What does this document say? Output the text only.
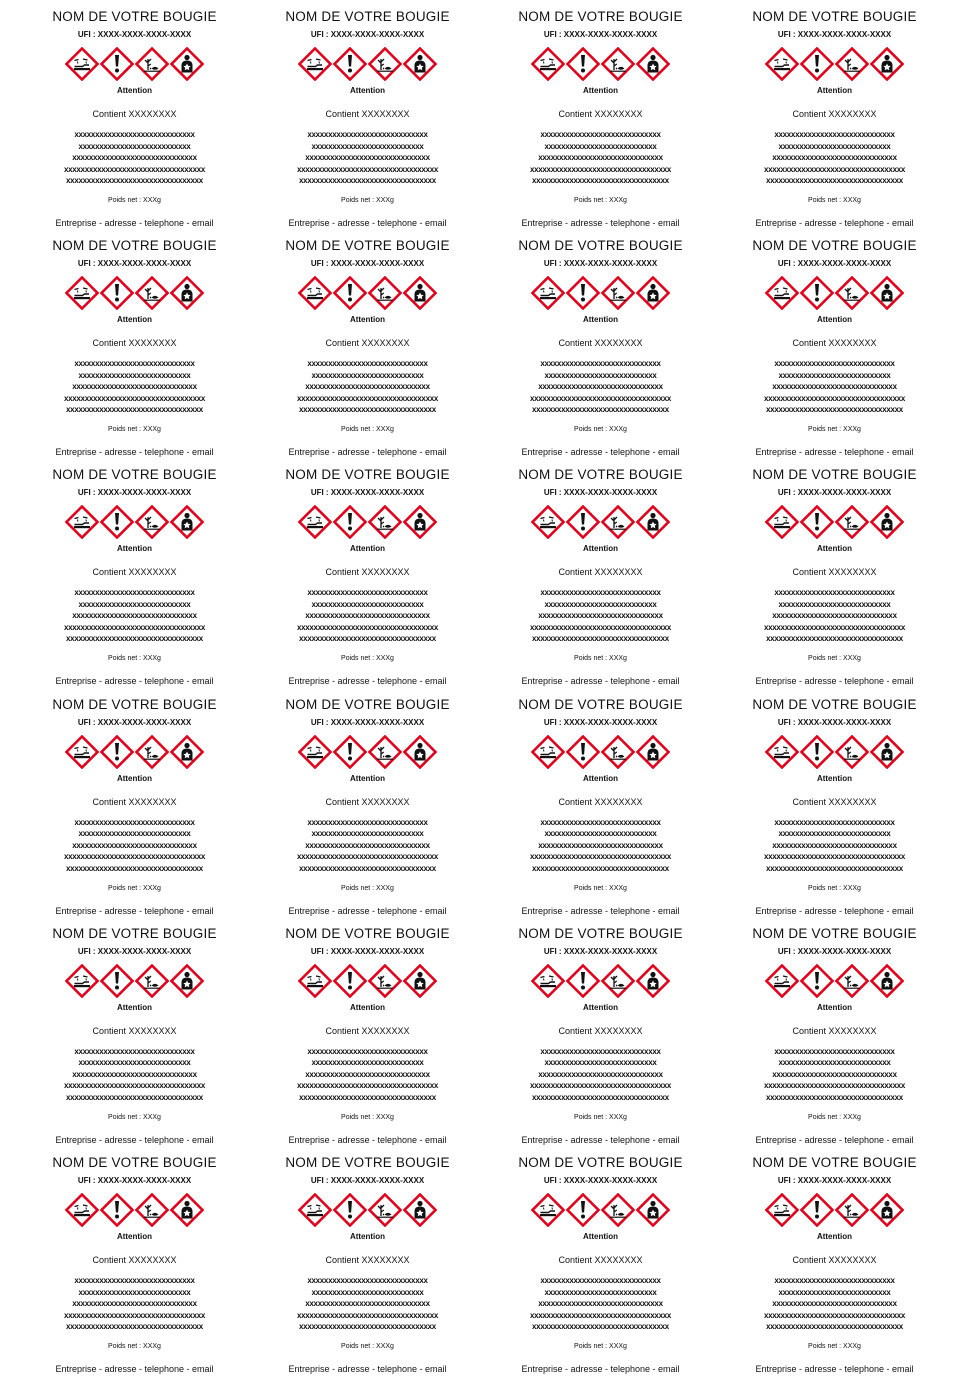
NOM DE VOTRE BOUGIE
UFI : XXXX-XXXX-XXXX-XXXX
Attention
Contient XXXXXXXX
xxxxxxxxxxxxxxxxxxxxxxxxxxxxx
xxxxxxxxxxxxxxxxxxxxxxxxxxx
xxxxxxxxxxxxxxxxxxxxxxxxxxxxxx
xxxxxxxxxxxxxxxxxxxxxxxxxxxxxxxxxx
xxxxxxxxxxxxxxxxxxxxxxxxxxxxxxxxx
Poids net : XXXg
Entreprise - adresse - telephone - email
NOM DE VOTRE BOUGIE
UFI : XXXX-XXXX-XXXX-XXXX
Attention
Contient XXXXXXXX
xxxxxxxxxxxxxxxxxxxxxxxxxxxxx
xxxxxxxxxxxxxxxxxxxxxxxxxxx
xxxxxxxxxxxxxxxxxxxxxxxxxxxxxx
xxxxxxxxxxxxxxxxxxxxxxxxxxxxxxxxxx
xxxxxxxxxxxxxxxxxxxxxxxxxxxxxxxxx
Poids net : XXXg
Entreprise - adresse - telephone - email
NOM DE VOTRE BOUGIE
UFI : XXXX-XXXX-XXXX-XXXX
Attention
Contient XXXXXXXX
xxxxxxxxxxxxxxxxxxxxxxxxxxxxx
xxxxxxxxxxxxxxxxxxxxxxxxxxx
xxxxxxxxxxxxxxxxxxxxxxxxxxxxxx
xxxxxxxxxxxxxxxxxxxxxxxxxxxxxxxxxx
xxxxxxxxxxxxxxxxxxxxxxxxxxxxxxxxx
Poids net : XXXg
Entreprise - adresse - telephone - email
NOM DE VOTRE BOUGIE
UFI : XXXX-XXXX-XXXX-XXXX
Attention
Contient XXXXXXXX
xxxxxxxxxxxxxxxxxxxxxxxxxxxxx
xxxxxxxxxxxxxxxxxxxxxxxxxxx
xxxxxxxxxxxxxxxxxxxxxxxxxxxxxx
xxxxxxxxxxxxxxxxxxxxxxxxxxxxxxxxxx
xxxxxxxxxxxxxxxxxxxxxxxxxxxxxxxxx
Poids net : XXXg
Entreprise - adresse - telephone - email
NOM DE VOTRE BOUGIE
UFI : XXXX-XXXX-XXXX-XXXX
Attention
Contient XXXXXXXX
xxxxxxxxxxxxxxxxxxxxxxxxxxxxx
xxxxxxxxxxxxxxxxxxxxxxxxxxx
xxxxxxxxxxxxxxxxxxxxxxxxxxxxxx
xxxxxxxxxxxxxxxxxxxxxxxxxxxxxxxxxx
xxxxxxxxxxxxxxxxxxxxxxxxxxxxxxxxx
Poids net : XXXg
Entreprise - adresse - telephone - email
NOM DE VOTRE BOUGIE
UFI : XXXX-XXXX-XXXX-XXXX
Attention
Contient XXXXXXXX
xxxxxxxxxxxxxxxxxxxxxxxxxxxxx
xxxxxxxxxxxxxxxxxxxxxxxxxxx
xxxxxxxxxxxxxxxxxxxxxxxxxxxxxx
xxxxxxxxxxxxxxxxxxxxxxxxxxxxxxxxxx
xxxxxxxxxxxxxxxxxxxxxxxxxxxxxxxxx
Poids net : XXXg
Entreprise - adresse - telephone - email
NOM DE VOTRE BOUGIE
UFI : XXXX-XXXX-XXXX-XXXX
Attention
Contient XXXXXXXX
xxxxxxxxxxxxxxxxxxxxxxxxxxxxx
xxxxxxxxxxxxxxxxxxxxxxxxxxx
xxxxxxxxxxxxxxxxxxxxxxxxxxxxxx
xxxxxxxxxxxxxxxxxxxxxxxxxxxxxxxxxx
xxxxxxxxxxxxxxxxxxxxxxxxxxxxxxxxx
Poids net : XXXg
Entreprise - adresse - telephone - email
NOM DE VOTRE BOUGIE
UFI : XXXX-XXXX-XXXX-XXXX
Attention
Contient XXXXXXXX
xxxxxxxxxxxxxxxxxxxxxxxxxxxxx
xxxxxxxxxxxxxxxxxxxxxxxxxxx
xxxxxxxxxxxxxxxxxxxxxxxxxxxxxx
xxxxxxxxxxxxxxxxxxxxxxxxxxxxxxxxxx
xxxxxxxxxxxxxxxxxxxxxxxxxxxxxxxxx
Poids net : XXXg
Entreprise - adresse - telephone - email
NOM DE VOTRE BOUGIE
UFI : XXXX-XXXX-XXXX-XXXX
Attention
Contient XXXXXXXX
xxxxxxxxxxxxxxxxxxxxxxxxxxxxx
xxxxxxxxxxxxxxxxxxxxxxxxxxx
xxxxxxxxxxxxxxxxxxxxxxxxxxxxxx
xxxxxxxxxxxxxxxxxxxxxxxxxxxxxxxxxx
xxxxxxxxxxxxxxxxxxxxxxxxxxxxxxxxx
Poids net : XXXg
Entreprise - adresse - telephone - email
NOM DE VOTRE BOUGIE
UFI : XXXX-XXXX-XXXX-XXXX
Attention
Contient XXXXXXXX
xxxxxxxxxxxxxxxxxxxxxxxxxxxxx
xxxxxxxxxxxxxxxxxxxxxxxxxxx
xxxxxxxxxxxxxxxxxxxxxxxxxxxxxx
xxxxxxxxxxxxxxxxxxxxxxxxxxxxxxxxxx
xxxxxxxxxxxxxxxxxxxxxxxxxxxxxxxxx
Poids net : XXXg
Entreprise - adresse - telephone - email
NOM DE VOTRE BOUGIE
UFI : XXXX-XXXX-XXXX-XXXX
Attention
Contient XXXXXXXX
xxxxxxxxxxxxxxxxxxxxxxxxxxxxx
xxxxxxxxxxxxxxxxxxxxxxxxxxx
xxxxxxxxxxxxxxxxxxxxxxxxxxxxxx
xxxxxxxxxxxxxxxxxxxxxxxxxxxxxxxxxx
xxxxxxxxxxxxxxxxxxxxxxxxxxxxxxxxx
Poids net : XXXg
Entreprise - adresse - telephone - email
NOM DE VOTRE BOUGIE
UFI : XXXX-XXXX-XXXX-XXXX
Attention
Contient XXXXXXXX
xxxxxxxxxxxxxxxxxxxxxxxxxxxxx
xxxxxxxxxxxxxxxxxxxxxxxxxxx
xxxxxxxxxxxxxxxxxxxxxxxxxxxxxx
xxxxxxxxxxxxxxxxxxxxxxxxxxxxxxxxxx
xxxxxxxxxxxxxxxxxxxxxxxxxxxxxxxxx
Poids net : XXXg
Entreprise - adresse - telephone - email
NOM DE VOTRE BOUGIE
UFI : XXXX-XXXX-XXXX-XXXX
Attention
Contient XXXXXXXX
xxxxxxxxxxxxxxxxxxxxxxxxxxxxx
xxxxxxxxxxxxxxxxxxxxxxxxxxx
xxxxxxxxxxxxxxxxxxxxxxxxxxxxxx
xxxxxxxxxxxxxxxxxxxxxxxxxxxxxxxxxx
xxxxxxxxxxxxxxxxxxxxxxxxxxxxxxxxx
Poids net : XXXg
Entreprise - adresse - telephone - email
NOM DE VOTRE BOUGIE
UFI : XXXX-XXXX-XXXX-XXXX
Attention
Contient XXXXXXXX
xxxxxxxxxxxxxxxxxxxxxxxxxxxxx
xxxxxxxxxxxxxxxxxxxxxxxxxxx
xxxxxxxxxxxxxxxxxxxxxxxxxxxxxx
xxxxxxxxxxxxxxxxxxxxxxxxxxxxxxxxxx
xxxxxxxxxxxxxxxxxxxxxxxxxxxxxxxxx
Poids net : XXXg
Entreprise - adresse - telephone - email
NOM DE VOTRE BOUGIE
UFI : XXXX-XXXX-XXXX-XXXX
Attention
Contient XXXXXXXX
xxxxxxxxxxxxxxxxxxxxxxxxxxxxx
xxxxxxxxxxxxxxxxxxxxxxxxxxx
xxxxxxxxxxxxxxxxxxxxxxxxxxxxxx
xxxxxxxxxxxxxxxxxxxxxxxxxxxxxxxxxx
xxxxxxxxxxxxxxxxxxxxxxxxxxxxxxxxx
Poids net : XXXg
Entreprise - adresse - telephone - email
NOM DE VOTRE BOUGIE
UFI : XXXX-XXXX-XXXX-XXXX
Attention
Contient XXXXXXXX
xxxxxxxxxxxxxxxxxxxxxxxxxxxxx
xxxxxxxxxxxxxxxxxxxxxxxxxxx
xxxxxxxxxxxxxxxxxxxxxxxxxxxxxx
xxxxxxxxxxxxxxxxxxxxxxxxxxxxxxxxxx
xxxxxxxxxxxxxxxxxxxxxxxxxxxxxxxxx
Poids net : XXXg
Entreprise - adresse - telephone - email
NOM DE VOTRE BOUGIE
UFI : XXXX-XXXX-XXXX-XXXX
Attention
Contient XXXXXXXX
xxxxxxxxxxxxxxxxxxxxxxxxxxxxx
xxxxxxxxxxxxxxxxxxxxxxxxxxx
xxxxxxxxxxxxxxxxxxxxxxxxxxxxxx
xxxxxxxxxxxxxxxxxxxxxxxxxxxxxxxxxx
xxxxxxxxxxxxxxxxxxxxxxxxxxxxxxxxx
Poids net : XXXg
Entreprise - adresse - telephone - email
NOM DE VOTRE BOUGIE
UFI : XXXX-XXXX-XXXX-XXXX
Attention
Contient XXXXXXXX
xxxxxxxxxxxxxxxxxxxxxxxxxxxxx
xxxxxxxxxxxxxxxxxxxxxxxxxxx
xxxxxxxxxxxxxxxxxxxxxxxxxxxxxx
xxxxxxxxxxxxxxxxxxxxxxxxxxxxxxxxxx
xxxxxxxxxxxxxxxxxxxxxxxxxxxxxxxxx
Poids net : XXXg
Entreprise - adresse - telephone - email
NOM DE VOTRE BOUGIE
UFI : XXXX-XXXX-XXXX-XXXX
Attention
Contient XXXXXXXX
xxxxxxxxxxxxxxxxxxxxxxxxxxxxx
xxxxxxxxxxxxxxxxxxxxxxxxxxx
xxxxxxxxxxxxxxxxxxxxxxxxxxxxxx
xxxxxxxxxxxxxxxxxxxxxxxxxxxxxxxxxx
xxxxxxxxxxxxxxxxxxxxxxxxxxxxxxxxx
Poids net : XXXg
Entreprise - adresse - telephone - email
NOM DE VOTRE BOUGIE
UFI : XXXX-XXXX-XXXX-XXXX
Attention
Contient XXXXXXXX
xxxxxxxxxxxxxxxxxxxxxxxxxxxxx
xxxxxxxxxxxxxxxxxxxxxxxxxxx
xxxxxxxxxxxxxxxxxxxxxxxxxxxxxx
xxxxxxxxxxxxxxxxxxxxxxxxxxxxxxxxxx
xxxxxxxxxxxxxxxxxxxxxxxxxxxxxxxxx
Poids net : XXXg
Entreprise - adresse - telephone - email
NOM DE VOTRE BOUGIE
UFI : XXXX-XXXX-XXXX-XXXX
Attention
Contient XXXXXXXX
xxxxxxxxxxxxxxxxxxxxxxxxxxxxx
xxxxxxxxxxxxxxxxxxxxxxxxxxx
xxxxxxxxxxxxxxxxxxxxxxxxxxxxxx
xxxxxxxxxxxxxxxxxxxxxxxxxxxxxxxxxx
xxxxxxxxxxxxxxxxxxxxxxxxxxxxxxxxx
Poids net : XXXg
Entreprise - adresse - telephone - email
NOM DE VOTRE BOUGIE
UFI : XXXX-XXXX-XXXX-XXXX
Attention
Contient XXXXXXXX
xxxxxxxxxxxxxxxxxxxxxxxxxxxxx
xxxxxxxxxxxxxxxxxxxxxxxxxxx
xxxxxxxxxxxxxxxxxxxxxxxxxxxxxx
xxxxxxxxxxxxxxxxxxxxxxxxxxxxxxxxxx
xxxxxxxxxxxxxxxxxxxxxxxxxxxxxxxxx
Poids net : XXXg
Entreprise - adresse - telephone - email
NOM DE VOTRE BOUGIE
UFI : XXXX-XXXX-XXXX-XXXX
Attention
Contient XXXXXXXX
xxxxxxxxxxxxxxxxxxxxxxxxxxxxx
xxxxxxxxxxxxxxxxxxxxxxxxxxx
xxxxxxxxxxxxxxxxxxxxxxxxxxxxxx
xxxxxxxxxxxxxxxxxxxxxxxxxxxxxxxxxx
xxxxxxxxxxxxxxxxxxxxxxxxxxxxxxxxx
Poids net : XXXg
Entreprise - adresse - telephone - email
NOM DE VOTRE BOUGIE
UFI : XXXX-XXXX-XXXX-XXXX
Attention
Contient XXXXXXXX
xxxxxxxxxxxxxxxxxxxxxxxxxxxxx
xxxxxxxxxxxxxxxxxxxxxxxxxxx
xxxxxxxxxxxxxxxxxxxxxxxxxxxxxx
xxxxxxxxxxxxxxxxxxxxxxxxxxxxxxxxxx
xxxxxxxxxxxxxxxxxxxxxxxxxxxxxxxxx
Poids net : XXXg
Entreprise - adresse - telephone - email
